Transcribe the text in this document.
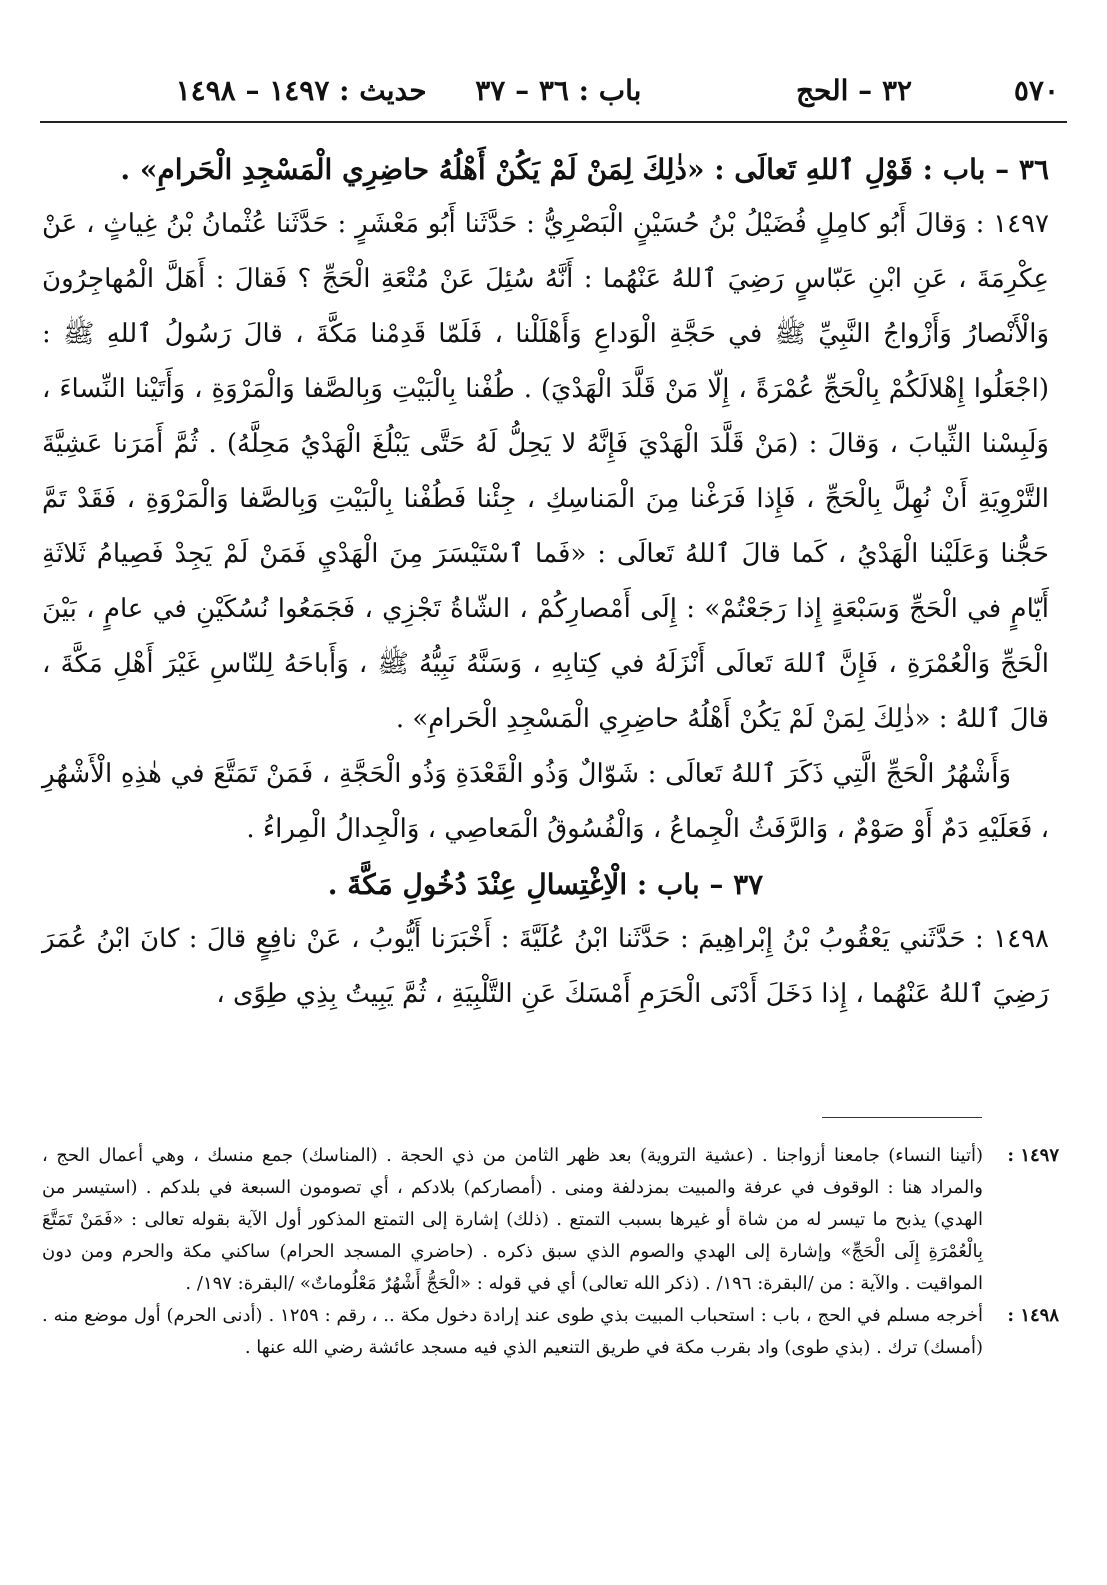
٥٧٠
٣٢ – الحج
باب : ٣٦ – ٣٧     حديث : ١٤٩٧ – ١٤٩٨

٣٦ – باب : قَوْلِ ٱللهِ تَعالَى : «ذٰلِكَ لِمَنْ لَمْ يَكُنْ أَهْلُهُ حاضِرِي الْمَسْجِدِ الْحَرامِ» .

١٤٩٧ : وَقالَ أَبُو كامِلٍ فُضَيْلُ بْنُ حُسَيْنٍ الْبَصْرِيُّ : حَدَّثَنا أَبُو مَعْشَرٍ : حَدَّثَنا عُثْمانُ بْنُ غِياثٍ ، عَنْ عِكْرِمَةَ ، عَنِ ابْنِ عَبّاسٍ رَضِيَ ٱللهُ عَنْهُما : أَنَّهُ سُئِلَ عَنْ مُتْعَةِ الْحَجِّ ؟ فَقالَ : أَهَلَّ الْمُهاجِرُونَ وَالْأَنْصارُ وَأَزْواجُ النَّبِيِّ ﷺ في حَجَّةِ الْوَداعِ وَأَهْلَلْنا ، فَلَمّا قَدِمْنا مَكَّةَ ، قالَ رَسُولُ ٱللهِ ﷺ : (اجْعَلُوا إِهْلالَكُمْ بِالْحَجِّ عُمْرَةً ، إِلّا مَنْ قَلَّدَ الْهَدْيَ) . طُفْنا بِالْبَيْتِ وَبِالصَّفا وَالْمَرْوَةِ ، وَأَتَيْنا النِّساءَ ، وَلَبِسْنا الثِّيابَ ، وَقالَ : (مَنْ قَلَّدَ الْهَدْيَ فَإِنَّهُ لا يَحِلُّ لَهُ حَتَّى يَبْلُغَ الْهَدْيُ مَحِلَّهُ) . ثُمَّ أَمَرَنا عَشِيَّةَ التَّرْوِيَةِ أَنْ نُهِلَّ بِالْحَجِّ ، فَإِذا فَرَغْنا مِنَ الْمَناسِكِ ، جِئْنا فَطُفْنا بِالْبَيْتِ وَبِالصَّفا وَالْمَرْوَةِ ، فَقَدْ تَمَّ حَجُّنا وَعَلَيْنا الْهَدْيُ ، كَما قالَ ٱللهُ تَعالَى : «فَما ٱسْتَيْسَرَ مِنَ الْهَدْيِ فَمَنْ لَمْ يَجِدْ فَصِيامُ ثَلاثَةِ أَيّامٍ في الْحَجِّ وَسَبْعَةٍ إِذا رَجَعْتُمْ» : إِلَى أَمْصارِكُمْ ، الشّاةُ تَجْزِي ، فَجَمَعُوا نُسُكَيْنِ في عامٍ ، بَيْنَ الْحَجِّ وَالْعُمْرَةِ ، فَإِنَّ ٱللهَ تَعالَى أَنْزَلَهُ في كِتابِهِ ، وَسَنَّهُ نَبِيُّهُ ﷺ ، وَأَباحَهُ لِلنّاسِ غَيْرَ أَهْلِ مَكَّةَ ، قالَ ٱللهُ : «ذٰلِكَ لِمَنْ لَمْ يَكُنْ أَهْلُهُ حاضِرِي الْمَسْجِدِ الْحَرامِ» .

وَأَشْهُرُ الْحَجِّ الَّتِي ذَكَرَ ٱللهُ تَعالَى : شَوّالٌ وَذُو الْقَعْدَةِ وَذُو الْحَجَّةِ ، فَمَنْ تَمَتَّعَ في هٰذِهِ الْأَشْهُرِ ، فَعَلَيْهِ دَمٌ أَوْ صَوْمٌ ، وَالرَّفَثُ الْجِماعُ ، وَالْفُسُوقُ الْمَعاصِي ، وَالْجِدالُ الْمِراءُ .

٣٧ – باب : الْاِغْتِسالِ عِنْدَ دُخُولِ مَكَّةَ .

١٤٩٨ : حَدَّثَني يَعْقُوبُ بْنُ إِبْراهِيمَ : حَدَّثَنا ابْنُ عُلَيَّةَ : أَخْبَرَنا أَيُّوبُ ، عَنْ نافِعٍ قالَ : كانَ ابْنُ عُمَرَ رَضِيَ ٱللهُ عَنْهُما ، إِذا دَخَلَ أَدْنَى الْحَرَمِ أَمْسَكَ عَنِ التَّلْبِيَةِ ، ثُمَّ يَبِيتُ بِذِي طِوًى ،

١٤٩٧ :(أتينا النساء) جامعنا أزواجنا . (عشية التروية) بعد ظهر الثامن من ذي الحجة . (المناسك) جمع منسك ، وهي أعمال الحج ، والمراد هنا : الوقوف في عرفة والمبيت بمزدلفة ومنى . (أمصاركم) بلادكم ، أي تصومون السبعة في بلدكم . (استيسر من الهدي) يذبح ما تيسر له من شاة أو غيرها بسبب التمتع . (ذلك) إشارة إلى التمتع المذكور أول الآية بقوله تعالى : «فَمَنْ تَمَتَّعَ بِالْعُمْرَةِ إِلَى الْحَجِّ» وإشارة إلى الهدي والصوم الذي سبق ذكره . (حاضري المسجد الحرام) ساكني مكة والحرم ومن دون المواقيت . والآية : من /البقرة: ١٩٦/ . (ذكر الله تعالى) أي في قوله : «الْحَجُّ أَشْهُرٌ مَعْلُوماتٌ» /البقرة: ١٩٧/ .

١٤٩٨ :أخرجه مسلم في الحج ، باب : استحباب المبيت بذي طوى عند إرادة دخول مكة .. ، رقم : ١٢٥٩ . (أدنى الحرم) أول موضع منه . (أمسك) ترك . (بذي طوى) واد بقرب مكة في طريق التنعيم الذي فيه مسجد عائشة رضي الله عنها .
